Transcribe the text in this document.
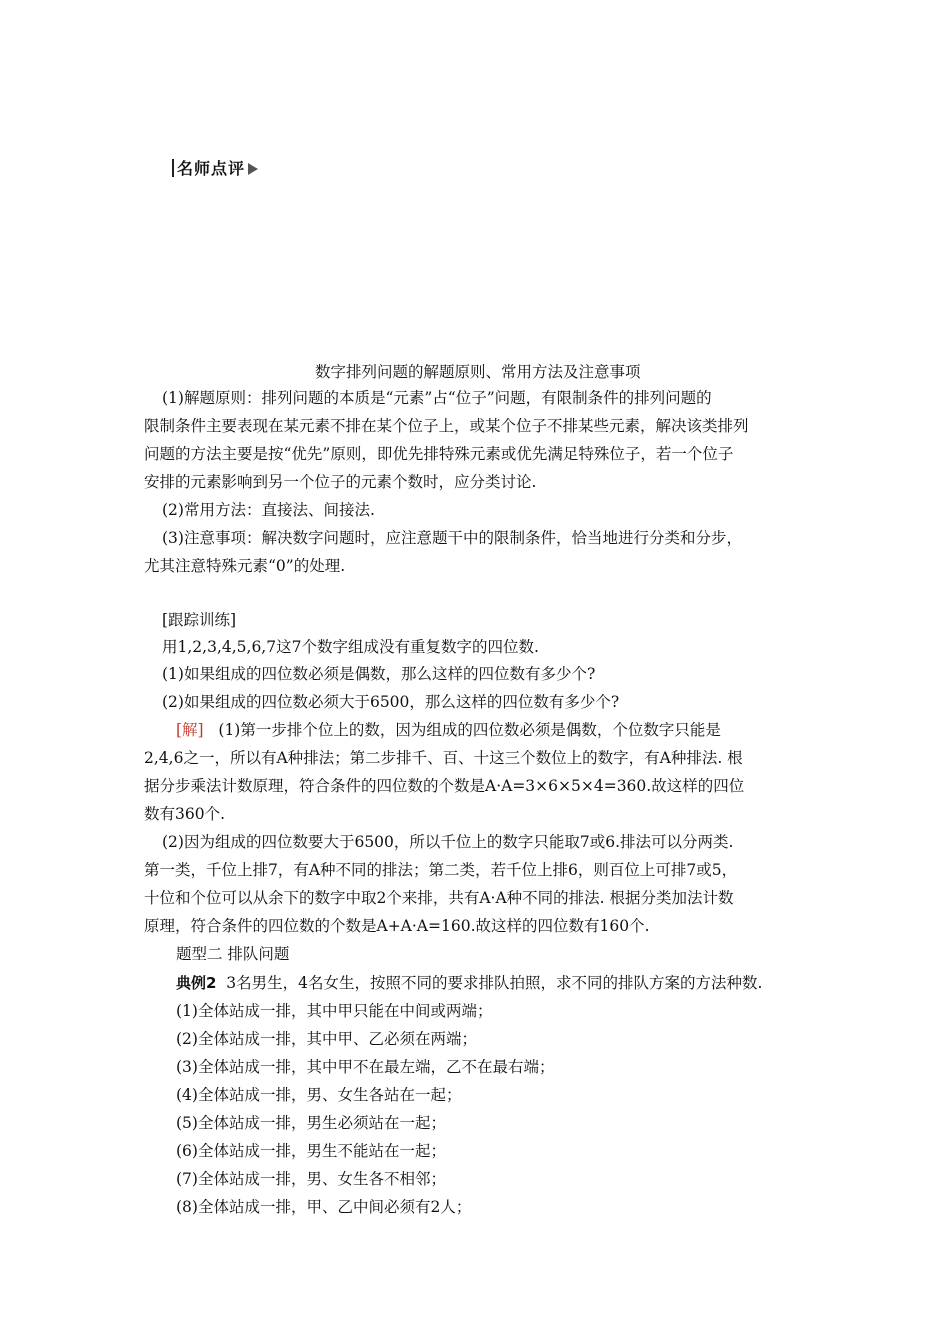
名师点评
数字排列问题的解题原则、常用方法及注意事项
(1)解题原则：排列问题的本质是“元素”占“位子”问题，有限制条件的排列问题的
限制条件主要表现在某元素不排在某个位子上，或某个位子不排某些元素，解决该类排列
问题的方法主要是按“优先”原则，即优先排特殊元素或优先满足特殊位子，若一个位子
安排的元素影响到另一个位子的元素个数时，应分类讨论.
(2)常用方法：直接法、间接法.
(3)注意事项：解决数字问题时，应注意题干中的限制条件，恰当地进行分类和分步，
尤其注意特殊元素“0”的处理.
[跟踪训练]
用1,2,3,4,5,6,7这7个数字组成没有重复数字的四位数.
(1)如果组成的四位数必须是偶数，那么这样的四位数有多少个?
(2)如果组成的四位数必须大于6500，那么这样的四位数有多少个?
[解] (1)第一步排个位上的数，因为组成的四位数必须是偶数，个位数字只能是
2,4,6之一，所以有A种排法；第二步排千、百、十这三个数位上的数字，有A种排法. 根
据分步乘法计数原理，符合条件的四位数的个数是A·A=3×6×5×4=360.故这样的四位
数有360个.
(2)因为组成的四位数要大于6500，所以千位上的数字只能取7或6.排法可以分两类.
第一类，千位上排7，有A种不同的排法；第二类，若千位上排6，则百位上可排7或5，
十位和个位可以从余下的数字中取2个来排，共有A·A种不同的排法. 根据分类加法计数
原理，符合条件的四位数的个数是A+A·A=160.故这样的四位数有160个.
题型二 排队问题
典例2 3名男生，4名女生，按照不同的要求排队拍照，求不同的排队方案的方法种数.
(1)全体站成一排，其中甲只能在中间或两端；
(2)全体站成一排，其中甲、乙必须在两端；
(3)全体站成一排，其中甲不在最左端，乙不在最右端；
(4)全体站成一排，男、女生各站在一起；
(5)全体站成一排，男生必须站在一起；
(6)全体站成一排，男生不能站在一起；
(7)全体站成一排，男、女生各不相邻；
(8)全体站成一排，甲、乙中间必须有2人；
